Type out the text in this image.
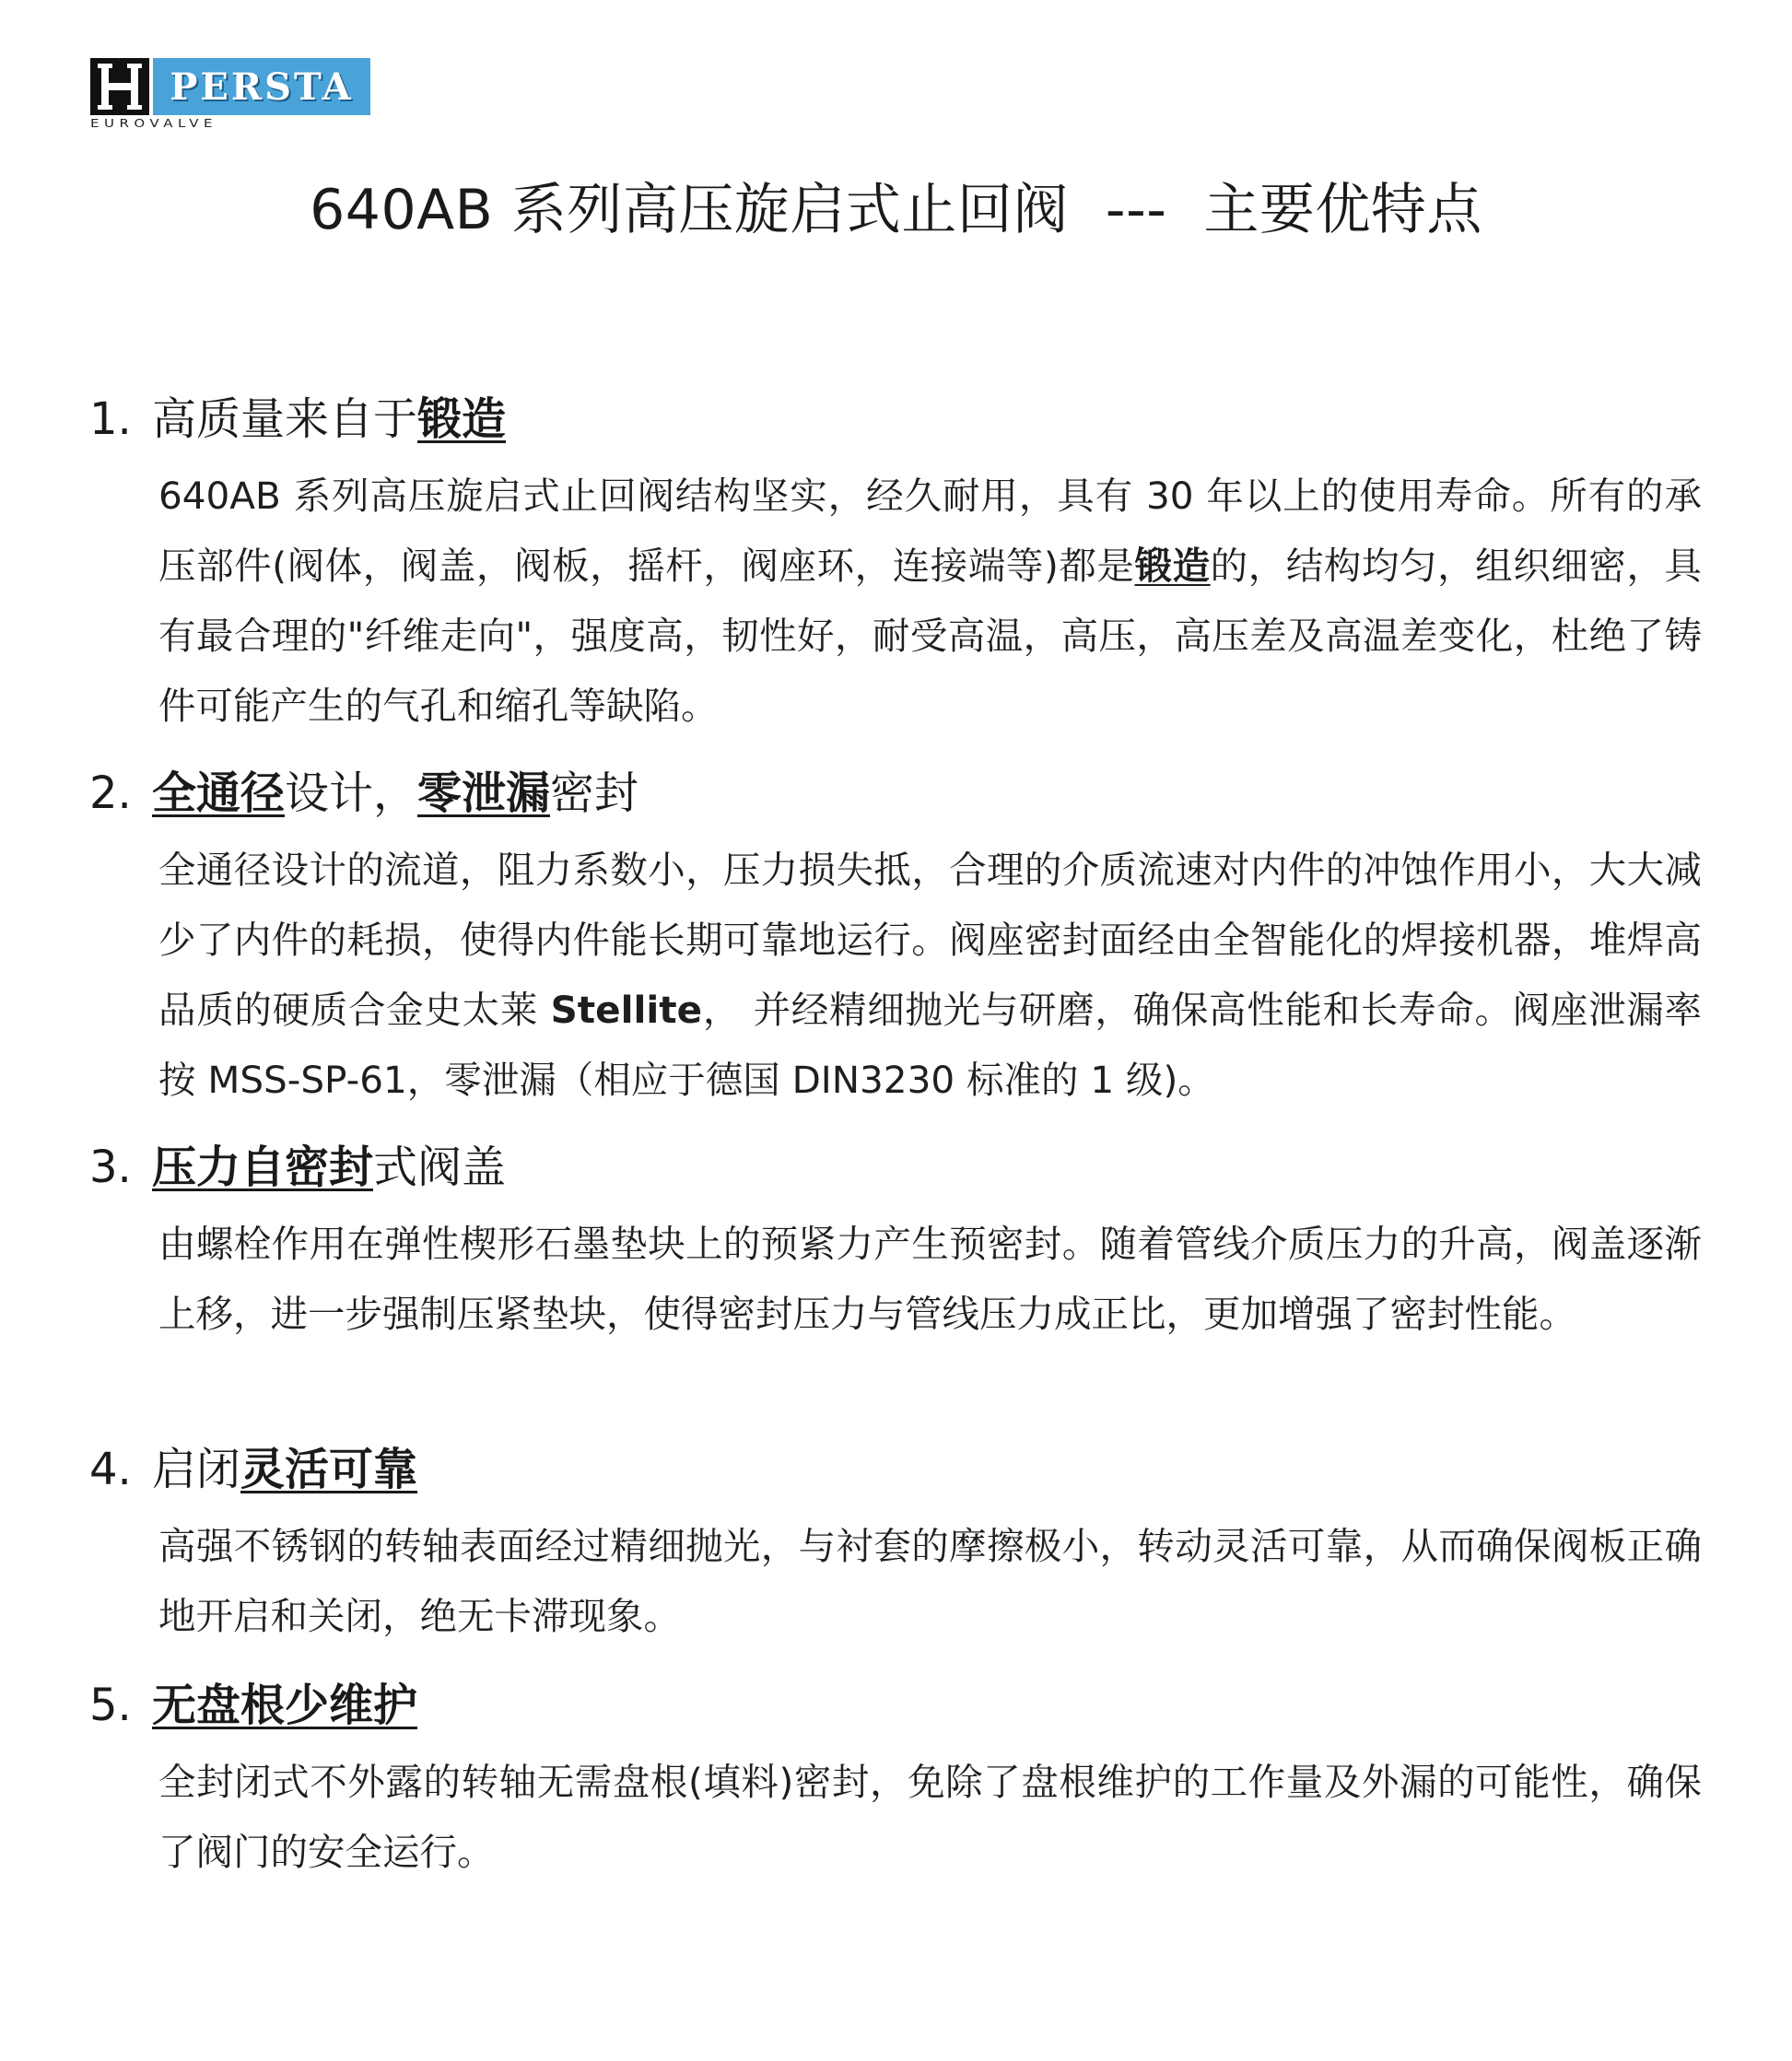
PERSTA
EUROVALVE
640AB 系列高压旋启式止回阀 --- 主要优特点
1. 高质量来自于锻造
640AB 系列高压旋启式止回阀结构坚实，经久耐用，具有 30 年以上的使用寿命。所有的承压部件(阀体，阀盖，阀板，摇杆，阀座环，连接端等)都是锻造的，结构均匀，组织细密，具有最合理的"纤维走向"，强度高，韧性好，耐受高温，高压，高压差及高温差变化，杜绝了铸件可能产生的气孔和缩孔等缺陷。
2. 全通径设计，零泄漏密封
全通径设计的流道，阻力系数小，压力损失抵，合理的介质流速对内件的冲蚀作用小，大大减少了内件的耗损，使得内件能长期可靠地运行。阀座密封面经由全智能化的焊接机器，堆焊高品质的硬质合金史太莱 Stellite， 并经精细抛光与研磨，确保高性能和长寿命。阀座泄漏率按 MSS-SP-61，零泄漏（相应于德国 DIN3230 标准的 1 级)。
3. 压力自密封式阀盖
由螺栓作用在弹性楔形石墨垫块上的预紧力产生预密封。随着管线介质压力的升高，阀盖逐渐上移，进一步强制压紧垫块，使得密封压力与管线压力成正比，更加增强了密封性能。
4. 启闭灵活可靠
高强不锈钢的转轴表面经过精细抛光，与衬套的摩擦极小，转动灵活可靠，从而确保阀板正确地开启和关闭，绝无卡滞现象。
5. 无盘根少维护
全封闭式不外露的转轴无需盘根(填料)密封，免除了盘根维护的工作量及外漏的可能性，确保了阀门的安全运行。
